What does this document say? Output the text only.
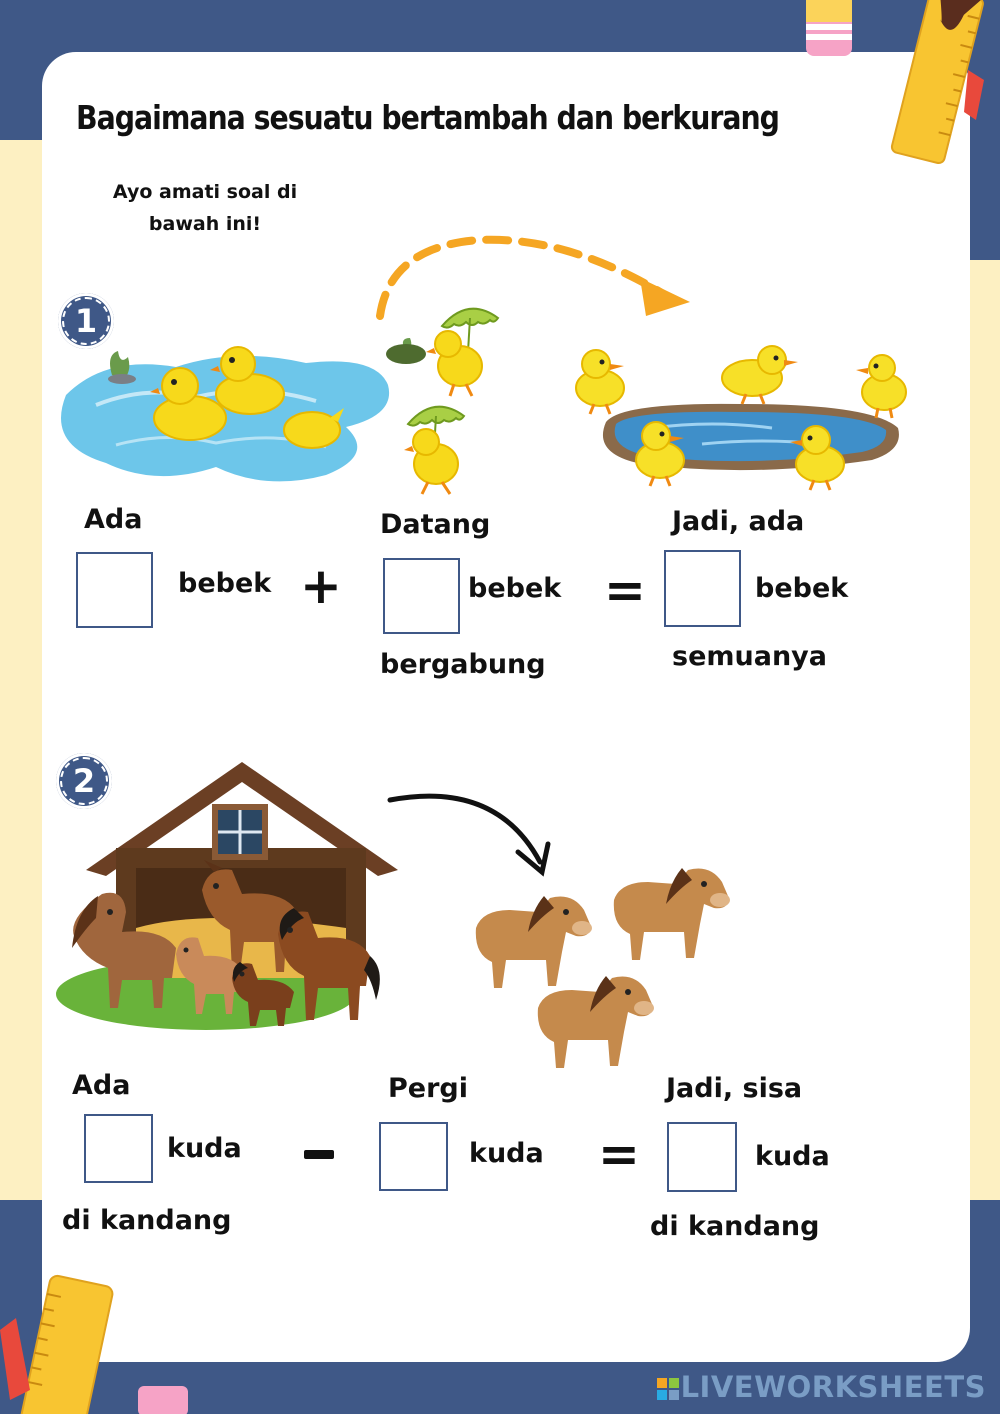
Bagaimana sesuatu bertambah dan berkurang
Ayo amati soal di bawah ini!
1
Ada
bebek +
Datang
bebek
bergabung
=
Jadi, ada
bebek
semuanya
2
Ada
kuda
di kandang
Pergi
kuda =
Jadi, sisa
kuda
di kandang
LIVEWORKSHEETS
